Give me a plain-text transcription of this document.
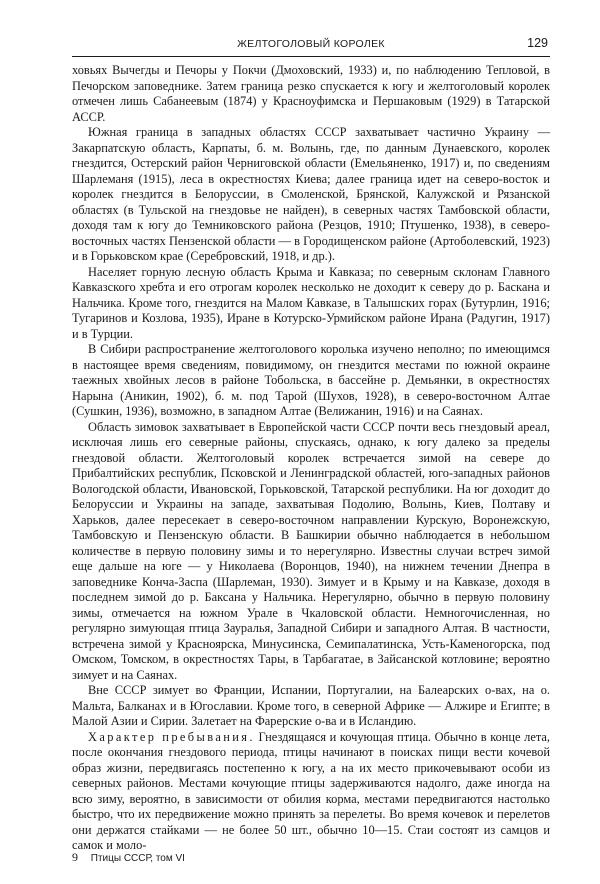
ЖЕЛТОГОЛОВЫЙ КОРОЛЕК	129

ховьях Вычегды и Печоры у Покчи (Дмоховский, 1933) и, по наблюдению Тепловой, в Печорском заповеднике. Затем граница резко спускается к югу и желтоголовый королек отмечен лишь Сабанеевым (1874) у Красноуфимска и Першаковым (1929) в Татарской АССР.

Южная граница в западных областях СССР захватывает частично Украину — Закарпатскую область, Карпаты, б. м. Волынь, где, по данным Дунаевского, королек гнездится, Остерский район Черниговской области (Емельяненко, 1917) и, по сведениям Шарлеманя (1915), леса в окрестностях Киева; далее граница идет на северо-восток и королек гнездится в Белоруссии, в Смоленской, Брянской, Калужской и Рязанской областях (в Тульской на гнездовье не найден), в северных частях Тамбовской области, доходя там к югу до Темниковского района (Резцов, 1910; Птушенко, 1938), в северо-восточных частях Пензенской области — в Городищенском районе (Артоболевский, 1923) и в Горьковском крае (Серебровский, 1918, и др.).

Населяет горную лесную область Крыма и Кавказа; по северным склонам Главного Кавказского хребта и его отрогам королек несколько не доходит к северу до р. Баскана и Нальчика. Кроме того, гнездится на Малом Кавказе, в Талышских горах (Бутурлин, 1916; Тугаринов и Козлова, 1935), Иране в Котурско-Урмийском районе Ирана (Радугин, 1917) и в Турции.

В Сибири распространение желтоголового королька изучено неполно; по имеющимся в настоящее время сведениям, повидимому, он гнездится местами по южной окраине таежных хвойных лесов в районе Тобольска, в бассейне р. Демьянки, в окрестностях Нарына (Аникин, 1902), б. м. под Тарой (Шухов, 1928), в северо-восточном Алтае (Сушкин, 1936), возможно, в западном Алтае (Велижанин, 1916) и на Саянах.

Область зимовок захватывает в Европейской части СССР почти весь гнездовый ареал, исключая лишь его северные районы, спускаясь, однако, к югу далеко за пределы гнездовой области. Желтоголовый королек встречается зимой на севере до Прибалтийских республик, Псковской и Ленинградской областей, юго-западных районов Вологодской области, Ивановской, Горьковской, Татарской республики. На юг доходит до Белоруссии и Украины на западе, захватывая Подолию, Волынь, Киев, Полтаву и Харьков, далее пересекает в северо-восточном направлении Курскую, Воронежскую, Тамбовскую и Пензенскую области. В Башкирии обычно наблюдается в небольшом количестве в первую половину зимы и то нерегулярно. Известны случаи встреч зимой еще дальше на юге — у Николаева (Воронцов, 1940), на нижнем течении Днепра в заповеднике Конча-Заспа (Шарлеман, 1930). Зимует и в Крыму и на Кавказе, доходя в последнем зимой до р. Баксана у Нальчика. Нерегулярно, обычно в первую половину зимы, отмечается на южном Урале в Чкаловской области. Немногочисленная, но регулярно зимующая птица Зауралья, Западной Сибири и западного Алтая. В частности, встречена зимой у Красноярска, Минусинска, Семипалатинска, Усть-Каменогорска, под Омском, Томском, в окрестностях Тары, в Тарбагатае, в Зайсанской котловине; вероятно зимует и на Саянах.

Вне СССР зимует во Франции, Испании, Португалии, на Балеарских о-вах, на о. Мальта, Балканах и в Югославии. Кроме того, в северной Африке — Алжире и Египте; в Малой Азии и Сирии. Залетает на Фарерские о-ва и в Исландию.

Характер пребывания. Гнездящаяся и кочующая птица. Обычно в конце лета, после окончания гнездового периода, птицы начинают в поисках пищи вести кочевой образ жизни, передвигаясь постепенно к югу, а на их место прикочевывают особи из северных районов. Местами кочующие птицы задерживаются надолго, даже иногда на всю зиму, вероятно, в зависимости от обилия корма, местами передвигаются настолько быстро, что их передвижение можно принять за перелеты. Во время кочевок и перелетов они держатся стайками — не более 50 шт., обычно 10—15. Стаи состоят из самцов и самок и моло-

9 Птицы СССР, том VI
